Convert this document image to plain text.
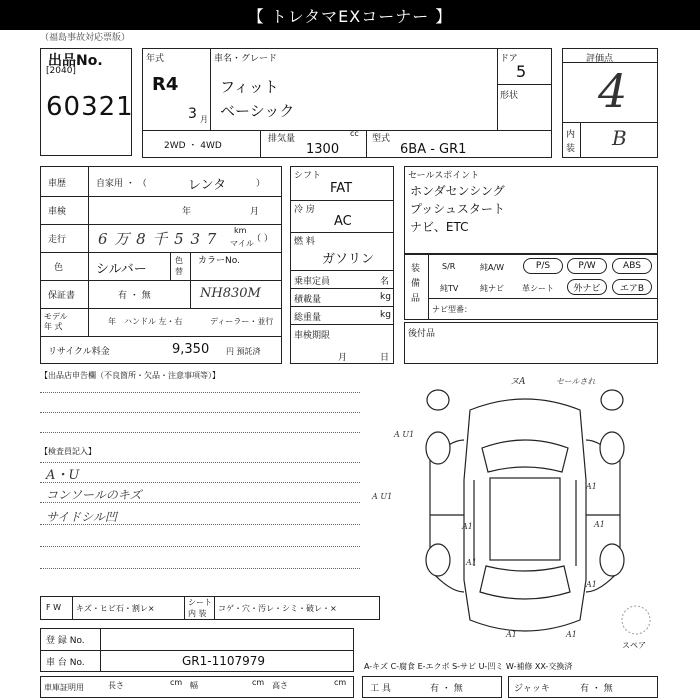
【 トレタマEXコーナー 】
（福島事故対応票版）
出品No.
[2040]
60321
年式
R4
3 月
車名・グレード
フィット
ベーシック
ドア
5
形状
2WD ・ 4WD
排気量
cc
1300
型式
6BA - GR1
評価点
4
内
装 B
車歴	自家用 ・ （	レンタ	）
車検	年	月
走行 6 万 8 千 5 3 7 km
マイル
（ ）
色	シルバー
色
替
カラーNo.
NH830M
保証書	有 ・ 無
モデル
年 式
年 ハンドル 左・右	ディーラー・並行
リサイクル料金	9,350 円 預託済
シフト
FAT
冷 房
AC
燃 料
ガソリン
乗車定員	名
積載量	kg
総重量	kg
車検期限
月	日
セールスポイント
ホンダセンシング
プッシュスタート
ナビ、ETC
装 備 品
S/R	純A/W	P/S	P/W	ABS
純TV	純ナビ 革シート	外ナビ	エアB
ナビ型番：
後付品
【出品店申告欄（不良箇所・欠品・注意事項等）】
【検査員記入】
A・U
コンソールのキズ
サイドシル凹
F W キズ・ヒビ石・割レ×
シート
内 装
コゲ・穴・汚レ・シミ・破レ・×
登 録 No.
車 台 No.	GR1-1107979
車庫証明用	長さ	cm 幅	cm 高さ	cm
ヌA	セールされ
A U1
A U1
A1
A1	A1
A1
A1
A1	A1
スペア
A-キズ C-腐食 E-エクボ S-サビ U-凹ミ W-補修 XX-交換済
工 具	有 ・ 無	ジャッキ	有 ・ 無
